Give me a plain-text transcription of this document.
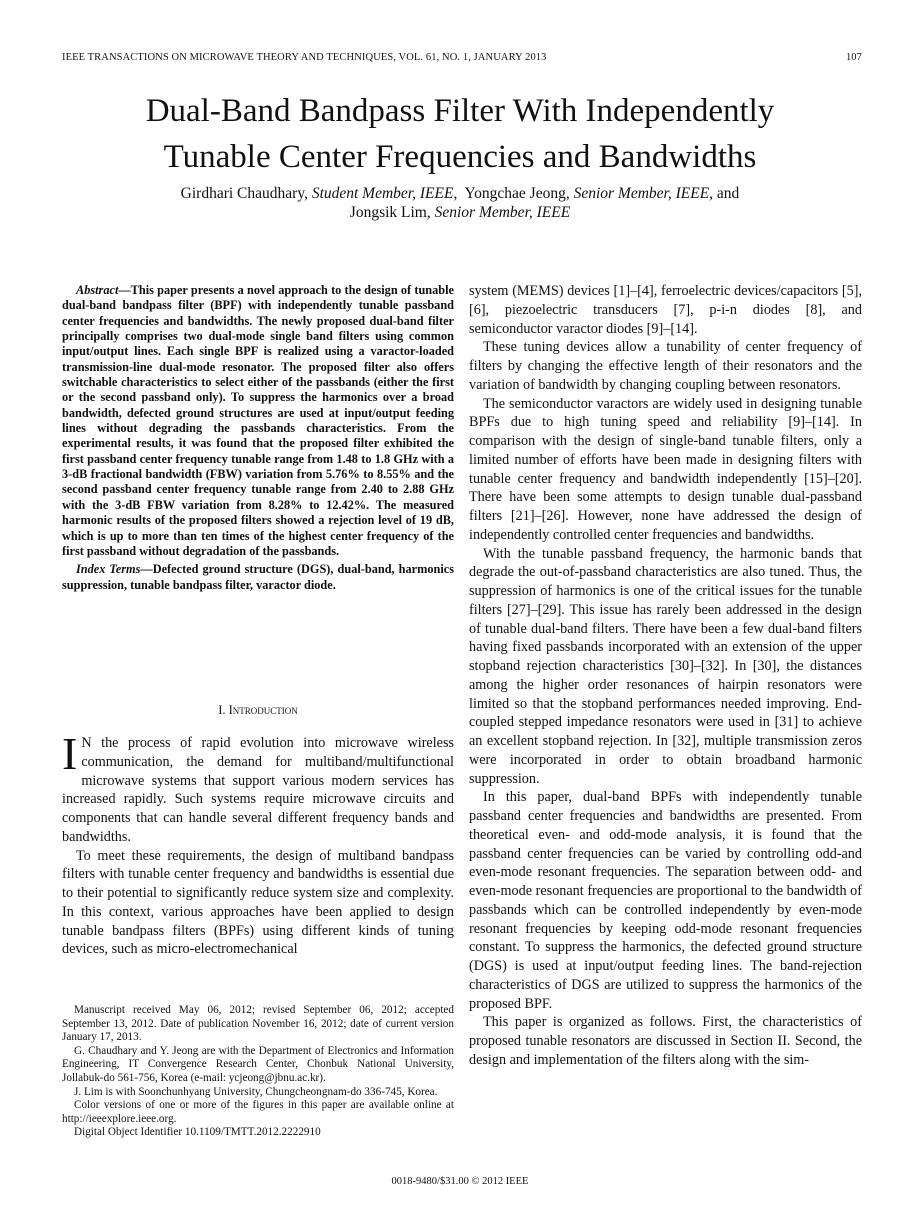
IEEE TRANSACTIONS ON MICROWAVE THEORY AND TECHNIQUES, VOL. 61, NO. 1, JANUARY 2013	107
Dual-Band Bandpass Filter With Independently
Tunable Center Frequencies and Bandwidths
Girdhari Chaudhary, Student Member, IEEE,  Yongchae Jeong, Senior Member, IEEE, and
Jongsik Lim, Senior Member, IEEE

Abstract—This paper presents a novel approach to the design of tunable dual-band bandpass filter (BPF) with independently tunable passband center frequencies and bandwidths. The newly proposed dual-band filter principally comprises two dual-mode single band filters using common input/output lines. Each single BPF is realized using a varactor-loaded transmission-line dual-mode resonator. The proposed filter also offers switchable characteristics to select either of the passbands (either the first or the second passband only). To suppress the harmonics over a broad bandwidth, defected ground structures are used at input/output feeding lines without degrading the passbands characteristics. From the experimental results, it was found that the proposed filter exhibited the first passband center frequency tunable range from 1.48 to 1.8 GHz with a 3-dB fractional bandwidth (FBW) variation from 5.76% to 8.55% and the second passband center frequency tunable range from 2.40 to 2.88 GHz with the 3-dB FBW variation from 8.28% to 12.42%. The measured harmonic results of the proposed filters showed a rejection level of 19 dB, which is up to more than ten times of the highest center frequency of the first passband without degradation of the passbands.

Index Terms—Defected ground structure (DGS), dual-band, harmonics suppression, tunable bandpass filter, varactor diode.

I. Introduction

I N the process of rapid evolution into microwave wireless communication, the demand for multiband/multifunctional microwave systems that support various modern services has increased rapidly. Such systems require microwave circuits and components that can handle several different frequency bands and bandwidths.

To meet these requirements, the design of multiband bandpass filters with tunable center frequency and bandwidths is essential due to their potential to significantly reduce system size and complexity. In this context, various approaches have been applied to design tunable bandpass filters (BPFs) using different kinds of tuning devices, such as micro-electromechanical

Manuscript received May 06, 2012; revised September 06, 2012; accepted September 13, 2012. Date of publication November 16, 2012; date of current version January 17, 2013.

G. Chaudhary and Y. Jeong are with the Department of Electronics and Information Engineering, IT Convergence Research Center, Chonbuk National University, Jollabuk-do 561-756, Korea (e-mail: ycjeong@jbnu.ac.kr).

J. Lim is with Soonchunhyang University, Chungcheongnam-do 336-745, Korea.

Color versions of one or more of the figures in this paper are available online at http://ieeexplore.ieee.org.

Digital Object Identifier 10.1109/TMTT.2012.2222910

system (MEMS) devices [1]–[4], ferroelectric devices/capacitors [5], [6], piezoelectric transducers [7], p-i-n diodes [8], and semiconductor varactor diodes [9]–[14].

These tuning devices allow a tunability of center frequency of filters by changing the effective length of their resonators and the variation of bandwidth by changing coupling between resonators.

The semiconductor varactors are widely used in designing tunable BPFs due to high tuning speed and reliability [9]–[14]. In comparison with the design of single-band tunable filters, only a limited number of efforts have been made in designing filters with tunable center frequency and bandwidth independently [15]–[20]. There have been some attempts to design tunable dual-passband filters [21]–[26]. However, none have addressed the design of independently controlled center frequencies and bandwidths.

With the tunable passband frequency, the harmonic bands that degrade the out-of-passband characteristics are also tuned. Thus, the suppression of harmonics is one of the critical issues for the tunable filters [27]–[29]. This issue has rarely been addressed in the design of tunable dual-band filters. There have been a few dual-band filters having fixed passbands incorporated with an extension of the upper stopband rejection characteristics [30]–[32]. In [30], the distances among the higher order resonances of hairpin resonators were limited so that the stopband performances needed improving. End-coupled stepped impedance resonators were used in [31] to achieve an excellent stopband rejection. In [32], multiple transmission zeros were incorporated in order to obtain broadband harmonic suppression.

In this paper, dual-band BPFs with independently tunable passband center frequencies and bandwidths are presented. From theoretical even- and odd-mode analysis, it is found that the passband center frequencies can be varied by controlling odd-and even-mode resonant frequencies. The separation between odd- and even-mode resonant frequencies are proportional to the bandwidth of passbands which can be controlled independently by even-mode resonant frequencies by keeping odd-mode resonant frequencies constant. To suppress the harmonics, the defected ground structure (DGS) is used at input/output feeding lines. The band-rejection characteristics of DGS are utilized to suppress the harmonics of the proposed BPF.

This paper is organized as follows. First, the characteristics of proposed tunable resonators are discussed in Section II. Second, the design and implementation of the filters along with the sim-

0018-9480/$31.00 © 2012 IEEE
